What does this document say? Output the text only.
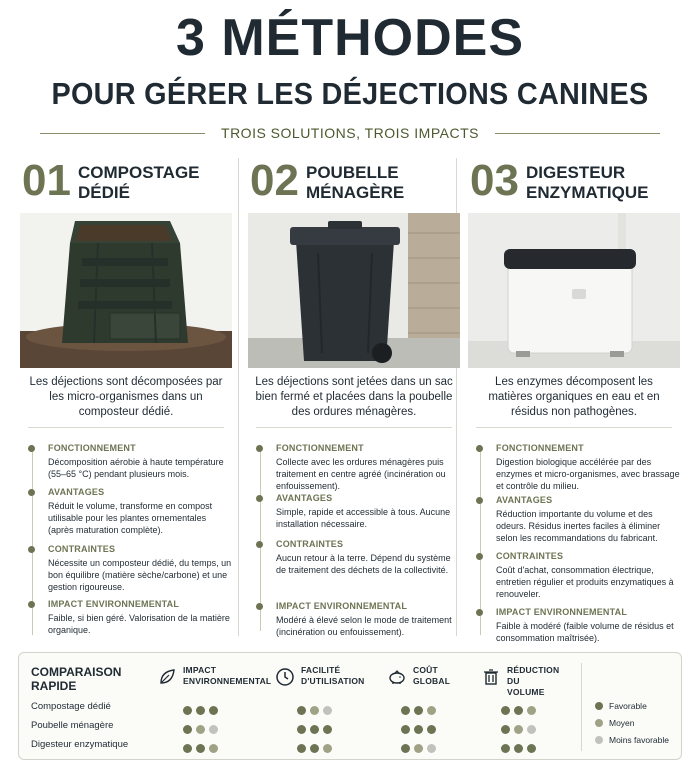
3 MÉTHODES
POUR GÉRER LES DÉJECTIONS CANINES
TROIS SOLUTIONS, TROIS IMPACTS
01 COMPOSTAGE
DÉDIÉ
Les déjections sont décomposées par les micro-organismes dans un composteur dédié.
FONCTIONNEMENT
Décomposition aérobie à haute température (55–65 °C) pendant plusieurs mois.
AVANTAGES
Réduit le volume, transforme en compost utilisable pour les plantes ornementales (après maturation complète).
CONTRAINTES
Nécessite un composteur dédié, du temps, un bon équilibre (matière sèche/carbone) et une gestion rigoureuse.
IMPACT ENVIRONNEMENTAL
Faible, si bien géré. Valorisation de la matière organique.
02 POUBELLE
MÉNAGÈRE
Les déjections sont jetées dans un sac bien fermé et placées dans la poubelle des ordures ménagères.
FONCTIONNEMENT
Collecte avec les ordures ménagères puis traitement en centre agréé (incinération ou enfouissement).
AVANTAGES
Simple, rapide et accessible à tous. Aucune installation nécessaire.
CONTRAINTES
Aucun retour à la terre. Dépend du système de traitement des déchets de la collectivité.
IMPACT ENVIRONNEMENTAL
Modéré à élevé selon le mode de traitement (incinération ou enfouissement).
03 DIGESTEUR
ENZYMATIQUE
Les enzymes décomposent les matières organiques en eau et en résidus non pathogènes.
FONCTIONNEMENT
Digestion biologique accélérée par des enzymes et micro-organismes, avec brassage et contrôle du milieu.
AVANTAGES
Réduction importante du volume et des odeurs. Résidus inertes faciles à éliminer selon les recommandations du fabricant.
CONTRAINTES
Coût d'achat, consommation électrique, entretien régulier et produits enzymatiques à renouveler.
IMPACT ENVIRONNEMENTAL
Faible à modéré (faible volume de résidus et consommation maîtrisée).
COMPARAISON
RAPIDE
Compostage dédié
Poubelle ménagère
Digesteur enzymatique
IMPACT
ENVIRONNEMENTAL
FACILITÉ
D'UTILISATION
COÛT
GLOBAL
RÉDUCTION
DU VOLUME
Favorable
Moyen
Moins favorable
